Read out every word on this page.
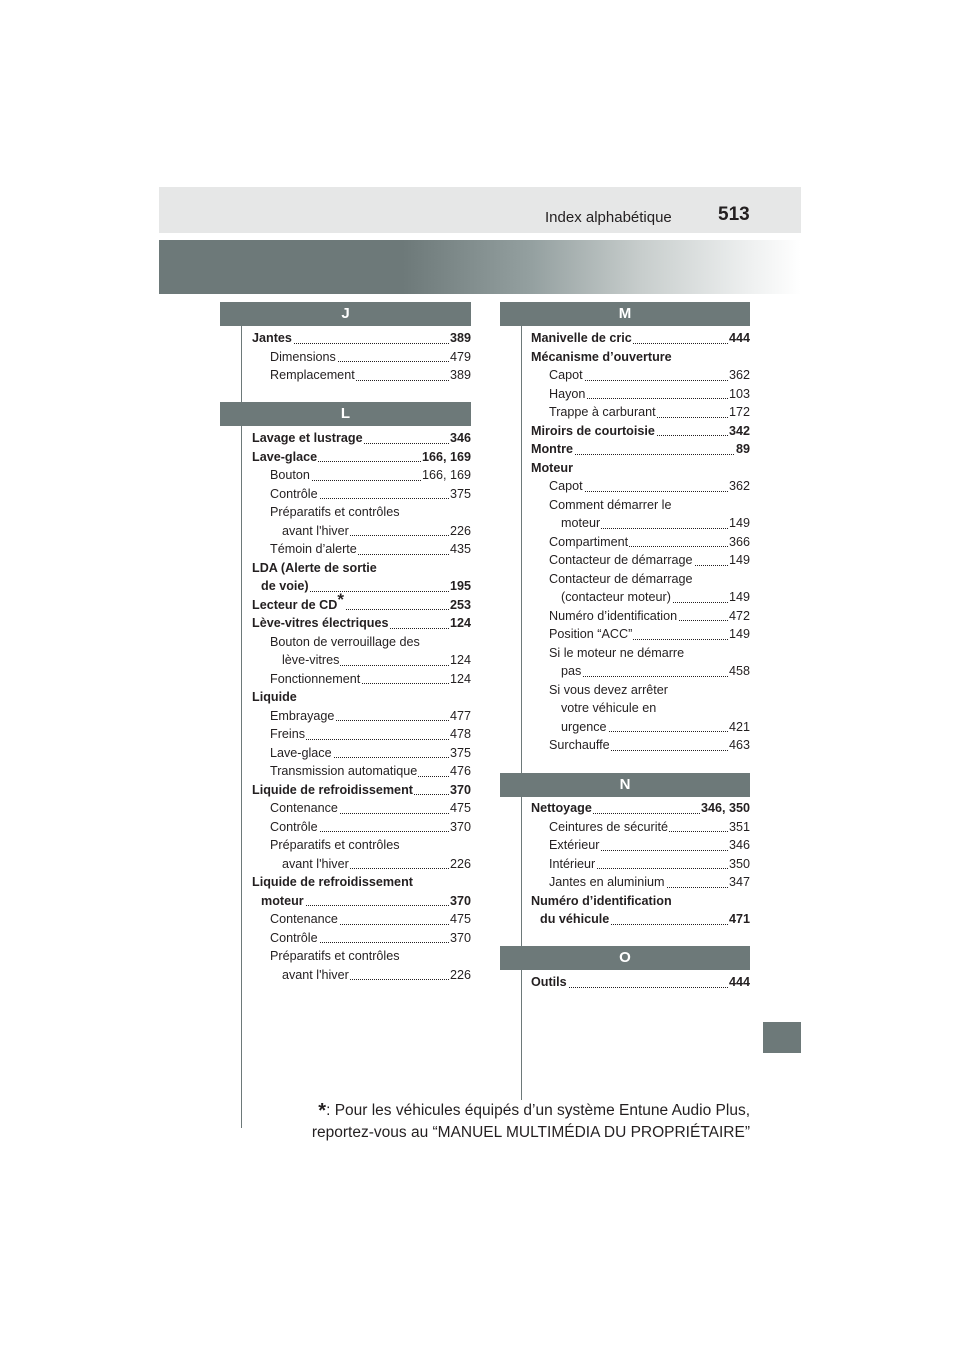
Index alphabétique 513
J
Jantes	389
Dimensions	479
Remplacement	389
L
Lavage et lustrage	346
Lave-glace	166, 169
Bouton	166, 169
Contrôle	375
Préparatifs et contrôles
avant l'hiver	226
Témoin d’alerte	435
LDA (Alerte de sortie
de voie)	195
Lecteur de CD*	253
Lève-vitres électriques	124
Bouton de verrouillage des
lève-vitres	124
Fonctionnement	124
Liquide
Embrayage	477
Freins	478
Lave-glace	375
Transmission automatique	476
Liquide de refroidissement	370
Contenance	475
Contrôle	370
Préparatifs et contrôles
avant l'hiver	226
Liquide de refroidissement
moteur	370
Contenance	475
Contrôle	370
Préparatifs et contrôles
avant l'hiver	226
M
Manivelle de cric	444
Mécanisme d’ouverture
Capot	362
Hayon	103
Trappe à carburant	172
Miroirs de courtoisie	342
Montre	89
Moteur
Capot	362
Comment démarrer le
moteur	149
Compartiment	366
Contacteur de démarrage	149
Contacteur de démarrage
(contacteur moteur)	149
Numéro d’identification	472
Position “ACC”	149
Si le moteur ne démarre
pas	458
Si vous devez arrêter
votre véhicule en
urgence	421
Surchauffe	463
N
Nettoyage	346, 350
Ceintures de sécurité	351
Extérieur	346
Intérieur	350
Jantes en aluminium	347
Numéro d’identification
du véhicule	471
O
Outils	444
*: Pour les véhicules équipés d’un système Entune Audio Plus,
reportez-vous au “MANUEL MULTIMÉDIA DU PROPRIÉTAIRE”
